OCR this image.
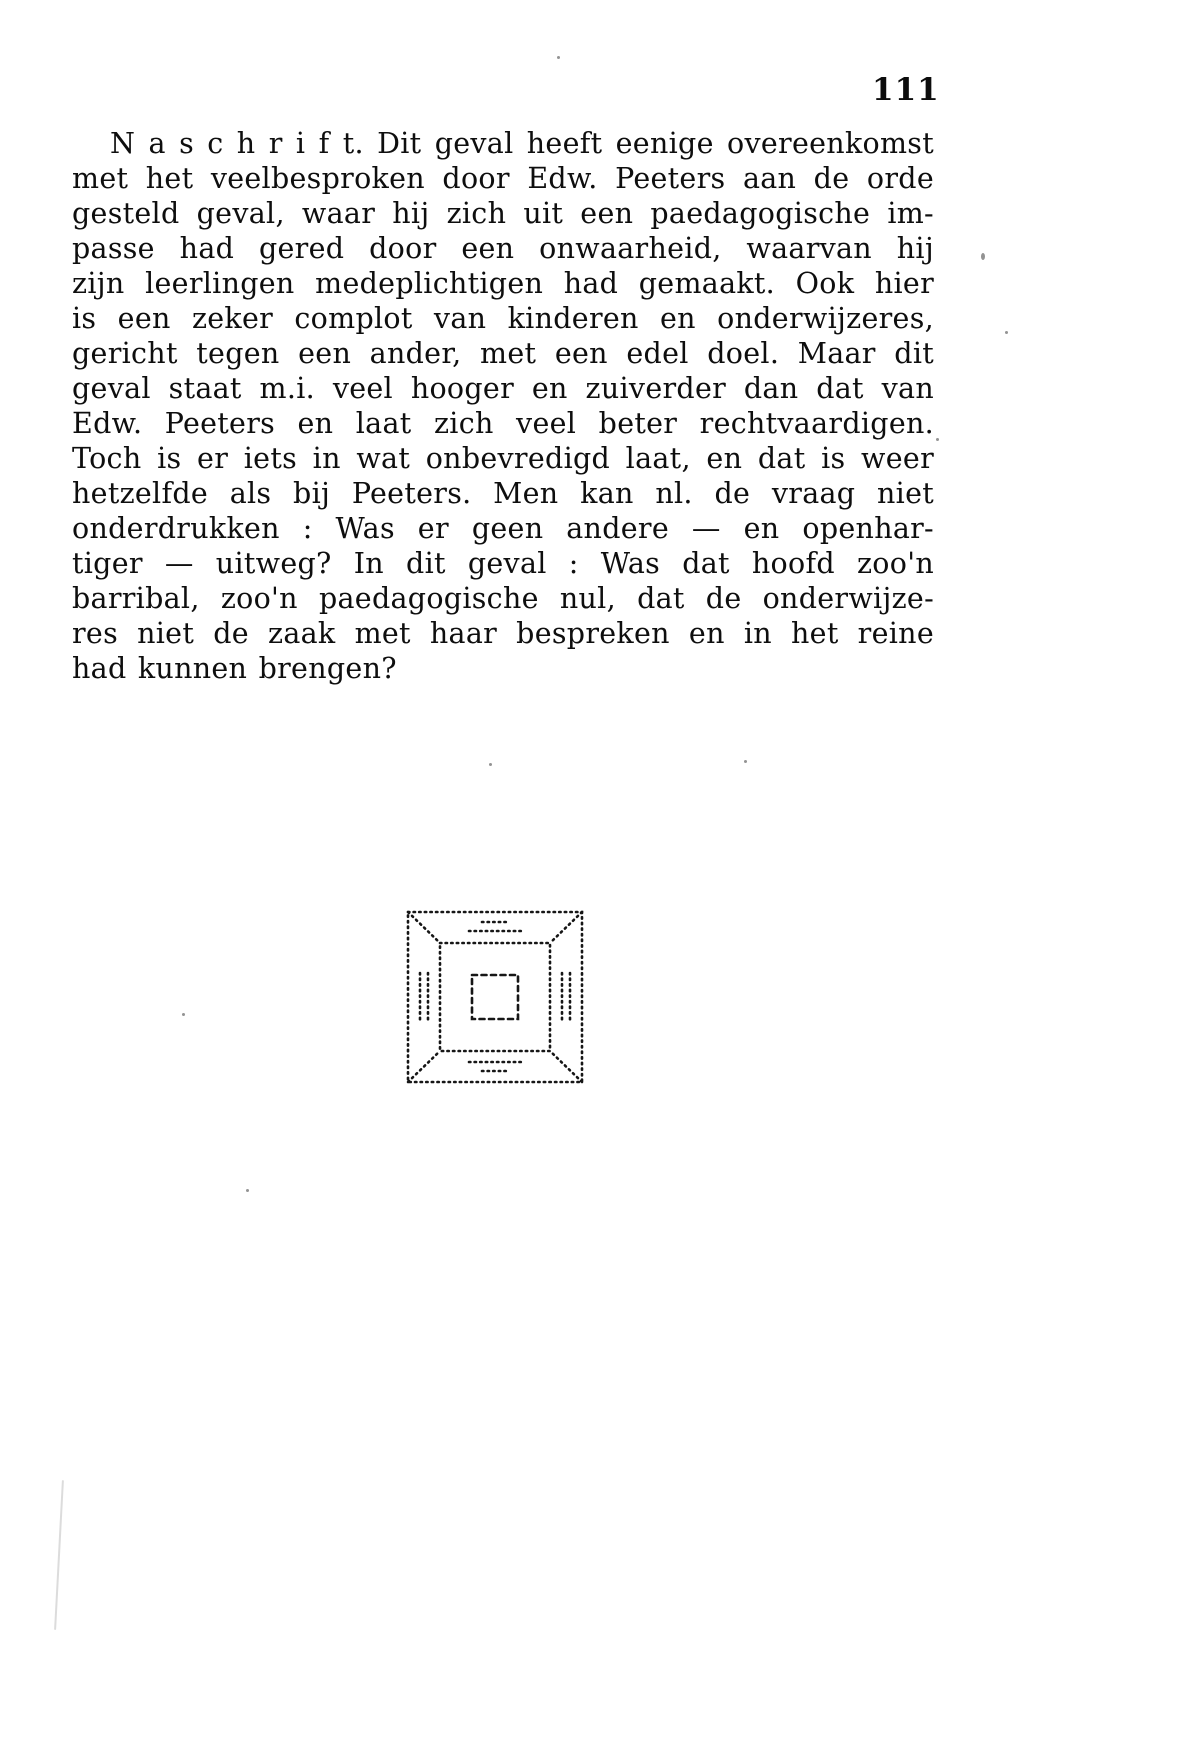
111
N a s c h r i f t. Dit geval heeft eenige overeenkomst
met het veelbesproken door Edw. Peeters aan de orde
gesteld geval, waar hij zich uit een paedagogische im-
passe had gered door een onwaarheid, waarvan hij
zijn leerlingen medeplichtigen had gemaakt. Ook hier
is een zeker complot van kinderen en onderwijzeres,
gericht tegen een ander, met een edel doel. Maar dit
geval staat m.i. veel hooger en zuiverder dan dat van
Edw. Peeters en laat zich veel beter rechtvaardigen.
Toch is er iets in wat onbevredigd laat, en dat is weer
hetzelfde als bij Peeters. Men kan nl. de vraag niet
onderdrukken : Was er geen andere — en openhar-
tiger — uitweg? In dit geval : Was dat hoofd zoo'n
barribal, zoo'n paedagogische nul, dat de onderwijze-
res niet de zaak met haar bespreken en in het reine
had kunnen brengen?
